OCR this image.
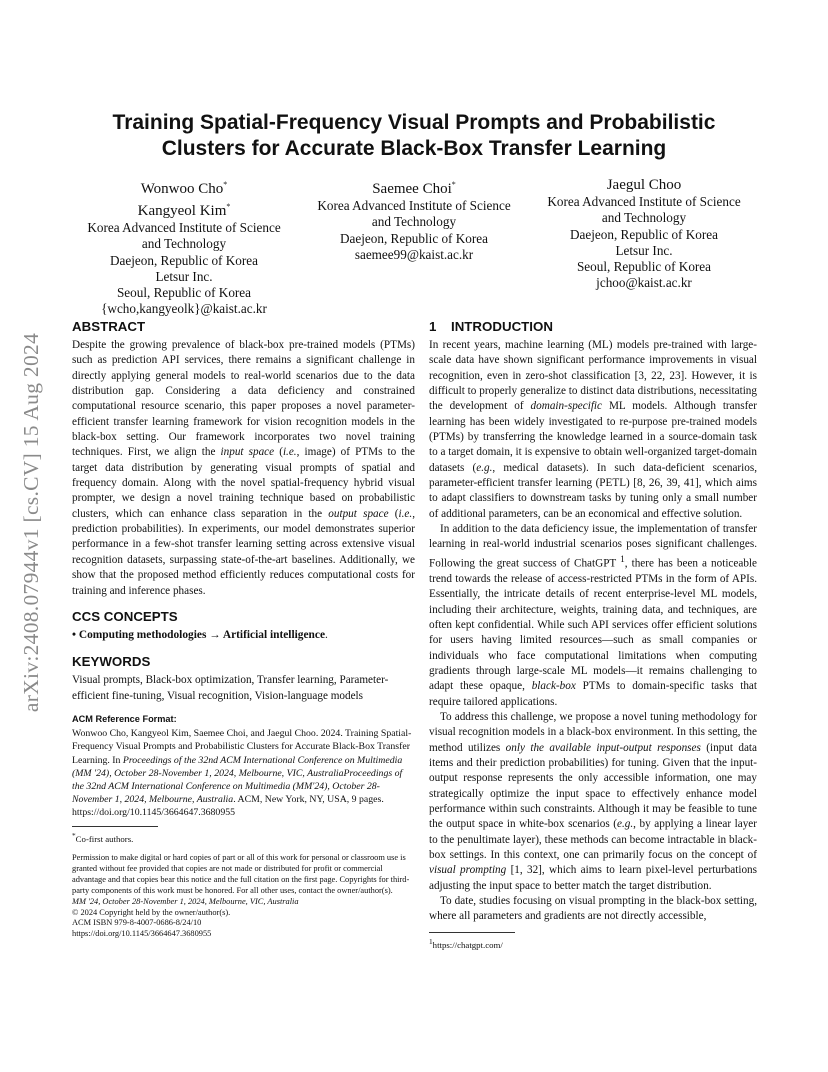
arXiv:2408.07944v1 [cs.CV] 15 Aug 2024
Training Spatial-Frequency Visual Prompts and Probabilistic
Clusters for Accurate Black-Box Transfer Learning
Wonwoo Cho*
Kangyeol Kim*
Korea Advanced Institute of Science
and Technology
Daejeon, Republic of Korea
Letsur Inc.
Seoul, Republic of Korea
{wcho,kangyeolk}@kaist.ac.kr
Saemee Choi*
Korea Advanced Institute of Science
and Technology
Daejeon, Republic of Korea
saemee99@kaist.ac.kr
Jaegul Choo
Korea Advanced Institute of Science
and Technology
Daejeon, Republic of Korea
Letsur Inc.
Seoul, Republic of Korea
jchoo@kaist.ac.kr
ABSTRACT
Despite the growing prevalence of black-box pre-trained models (PTMs) such as prediction API services, there remains a significant challenge in directly applying general models to real-world scenarios due to the data distribution gap. Considering a data deficiency and constrained computational resource scenario, this paper proposes a novel parameter-efficient transfer learning framework for vision recognition models in the black-box setting. Our framework incorporates two novel training techniques. First, we align the input space (i.e., image) of PTMs to the target data distribution by generating visual prompts of spatial and frequency domain. Along with the novel spatial-frequency hybrid visual prompter, we design a novel training technique based on probabilistic clusters, which can enhance class separation in the output space (i.e., prediction probabilities). In experiments, our model demonstrates superior performance in a few-shot transfer learning setting across extensive visual recognition datasets, surpassing state-of-the-art baselines. Additionally, we show that the proposed method efficiently reduces computational costs for training and inference phases.
CCS CONCEPTS
• Computing methodologies → Artificial intelligence.
KEYWORDS
Visual prompts, Black-box optimization, Transfer learning, Parameter-efficient fine-tuning, Visual recognition, Vision-language models
ACM Reference Format:
Wonwoo Cho, Kangyeol Kim, Saemee Choi, and Jaegul Choo. 2024. Training Spatial-Frequency Visual Prompts and Probabilistic Clusters for Accurate Black-Box Transfer Learning. In Proceedings of the 32nd ACM International Conference on Multimedia (MM '24), October 28-November 1, 2024, Melbourne, VIC, AustraliaProceedings of the 32nd ACM International Conference on Multimedia (MM'24), October 28-November 1, 2024, Melbourne, Australia. ACM, New York, NY, USA, 9 pages. https://doi.org/10.1145/3664647.3680955
*Co-first authors.
Permission to make digital or hard copies of part or all of this work for personal or classroom use is granted without fee provided that copies are not made or distributed for profit or commercial advantage and that copies bear this notice and the full citation on the first page. Copyrights for third-party components of this work must be honored. For all other uses, contact the owner/author(s).
MM '24, October 28-November 1, 2024, Melbourne, VIC, Australia
© 2024 Copyright held by the owner/author(s).
ACM ISBN 979-8-4007-0686-8/24/10
https://doi.org/10.1145/3664647.3680955
1 INTRODUCTION
In recent years, machine learning (ML) models pre-trained with large-scale data have shown significant performance improvements in visual recognition, even in zero-shot classification [3, 22, 23]. However, it is difficult to properly generalize to distinct data distributions, necessitating the development of domain-specific ML models. Although transfer learning has been widely investigated to re-purpose pre-trained models (PTMs) by transferring the knowledge learned in a source-domain task to a target domain, it is expensive to obtain well-organized target-domain datasets (e.g., medical datasets). In such data-deficient scenarios, parameter-efficient transfer learning (PETL) [8, 26, 39, 41], which aims to adapt classifiers to downstream tasks by tuning only a small number of additional parameters, can be an economical and effective solution.
In addition to the data deficiency issue, the implementation of transfer learning in real-world industrial scenarios poses significant challenges. Following the great success of ChatGPT $^1$, there has been a noticeable trend towards the release of access-restricted PTMs in the form of APIs. Essentially, the intricate details of recent enterprise-level ML models, including their architecture, weights, training data, and techniques, are often kept confidential. While such API services offer efficient solutions for users having limited resources—such as small companies or individuals who face computational limitations when computing gradients through large-scale ML models—it remains challenging to adapt these opaque, black-box PTMs to domain-specific tasks that require tailored applications.
To address this challenge, we propose a novel tuning methodology for visual recognition models in a black-box environment. In this setting, the method utilizes only the available input-output responses (input data items and their prediction probabilities) for tuning. Given that the input-output response represents the only accessible information, one may strategically optimize the input space to effectively enhance model performance within such constraints. Although it may be feasible to tune the output space in white-box scenarios (e.g., by applying a linear layer to the penultimate layer), these methods can become intractable in black-box settings. In this context, one can primarily focus on the concept of visual prompting [1, 32], which aims to learn pixel-level perturbations adjusting the input space to better match the target distribution.
To date, studies focusing on visual prompting in the black-box setting, where all parameters and gradients are not directly accessible,
$^1$https://chatgpt.com/
